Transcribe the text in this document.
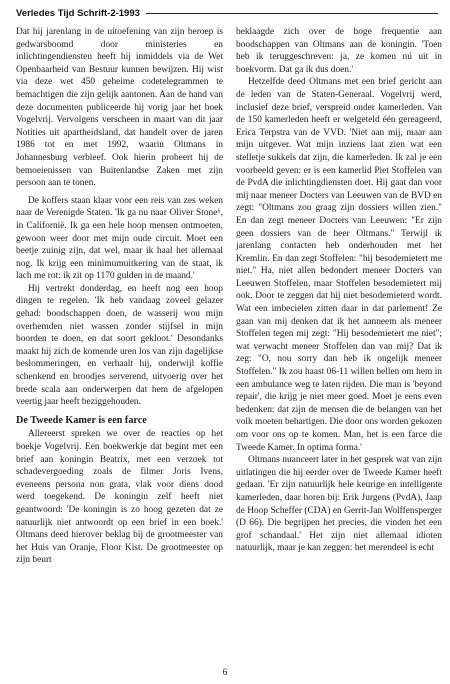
Verledes Tijd Schrift-2-1993

Dat hij jarenlang in de uitoefening van zijn beroep is gedwarsboomd door ministeries en inlichtingendiensten heeft hij inmiddels via de Wet Openbaarheid van Bestuur kunnen bewijzen. Hij wist via deze wet 450 geheime codetelegrammen te bemachtigen die zijn gelijk aantonen. Aan de hand van deze documenten publiceerde hij vorig jaar het boek Vogelvrij. Vervolgens verscheen in maart van dit jaar Notities uit apartheidsland, dat handelt over de jaren 1986 tot en met 1992, waarin Oltmans in Johannesburg verbleef. Ook hierin probeert hij de bemoeienissen van Buitenlandse Zaken met zijn persoon aan te tonen.

De koffers staan klaar voor een reis van zes weken naar de Verenigde Staten. 'Ik ga nu naar Oliver Stone⁶, in Californië. Ik ga een hele hoop mensen ontmoeten, gewoon weer door met mijn oude circuit. Moet een beetje zuinig zijn, dat wel, maar ik haal het allemaal nog. Ik krijg een minimumuitkering van de staat, ik lach me rot: ik zit op 1170 gulden in de maand.'

Hij vertrekt donderdag, en heeft nog een hoop dingen te regelen. 'Ik heb vandaag zoveel gelazer gehad: boodschappen doen, de wasserij wou mijn overhemden niet wassen zonder stijfsel in mijn boorden te doen, en dat soort gekloot.' Desondanks maakt hij zich de komende uren los van zijn dagelijkse beslommeringen, en verhaalt hij, onderwijl koffie schenkend en broodjes serverend, uitvoerig over het brede scala aan onderwerpen dat hem de afgelopen veertig jaar heeft beziggehouden.

De Tweede Kamer is een farce

Allereerst spreken we over de reacties op het boekje Vogelvrij. Een boekwerkje dat begint met een brief aan koningin Beatrix, met een verzoek tot schadevergoeding zoals de filmer Joris Ivens, eveneens persona non grata, vlak voor diens dood werd toegekend. De koningin zelf heeft niet geantwoord: 'De koningin is zo hoog gezeten dat ze natuurlijk niet antwoordt op een brief in een boek.' Oltmans deed hierover beklag bij de grootmeester van het Huis van Oranje, Floor Kist. De grootmeester op zijn beurt

beklaagde zich over de hoge frequentie aan boodschappen van Oltmans aan de koningin. 'Toen heb ik teruggeschreven: ja, ze komen nú uit in boekvorm. Dat ga ik dus doen.'

Hetzelfde deed Oltmans met een brief gericht aan de leden van de Staten-Generaal. Vogelvrij werd, inclusief deze brief, verspreid onder kamerleden. Van de 150 kamerleden heeft er welgeteld één gereageerd, Erica Terpstra van de VVD. 'Niet aan mij, maar aan mijn uitgever. Wat mijn inziens laat zien wat een stelletje sukkels dat zijn, die kamerleden. Ik zal je een voorbeeld geven: er is een kamerlid Piet Stoffelen van de PvdA die inlichtingdiensten doet. Hij gaat dan voor mij naar meneer Docters van Leeuwen van de BVD en zegt: "Oltmans zou graag zijn dossiers willen zien." En dan zegt meneer Docters van Leeuwen: "Er zijn geen dossiers van de heer Oltmans." Terwijl ik jarenlang contacten heb onderhouden met het Kremlin. En dan zegt Stoffelen: "hij besodemietert me niet." Ha, niet allen bedondert meneer Docters van Leeuwen Stoffelen, maar Stoffelen besodemietert mij ook. Door te zeggen dat hij niet besodemieterd wordt. Wat een imbecielen zitten daar in dat parlement! Ze gaan van mij denken dat ik het aanneem als meneer Stoffelen tegen mij zegt: "Hij besodemietert me niet"; wat verwacht meneer Stoffelen dan van mij? Dat ik zeg: "O, nou sorry dan heb ik ongelijk meneer Stoffelen." Ik zou haast 06-11 willen bellen om hem in een ambulance weg te laten rijden. Die man is 'beyond repair', die krijg je niet meer goed. Moet je eens even bedenken: dat zijn de mensen die de belangen van het volk moeten behartigen. Die door ons worden gekozen om voor ons op te komen. Man, het is een farce die Tweede Kamer. In optima forma.'

Oltmans nuanceert later in het gesprek wat van zijn uitlatingen die hij eerder over de Tweede Kamer heeft gedaan. 'Er zijn natuurlijk hele keurige en intelligente kamerleden, daar horen bij: Erik Jurgens (PvdA), Jaap de Hoop Scheffer (CDA) en Gerrit-Jan Wolffensperger (D 66). Die begrijpen het precies, die vinden het een grof schandaal.' Het zijn niet allemaal idioten natuurlijk, maar je kan zeggen: het merendeel is echt

6
